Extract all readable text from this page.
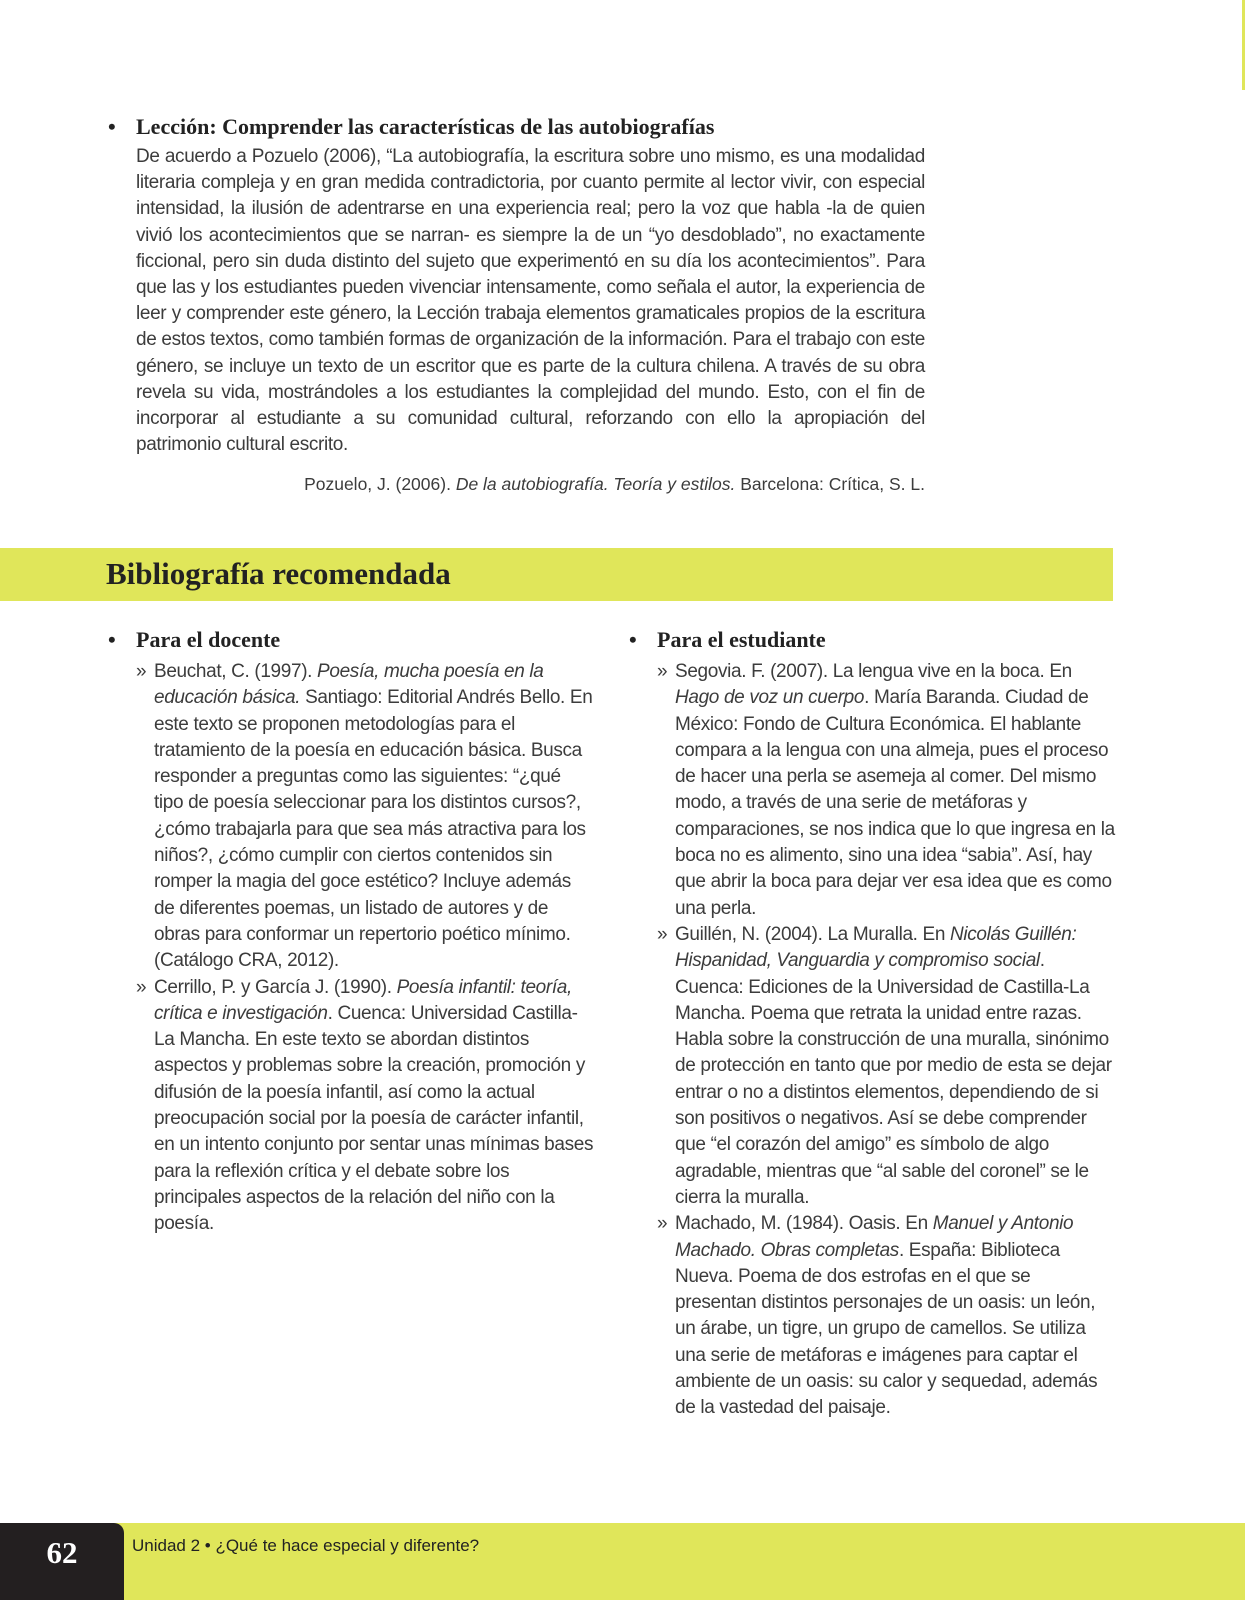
• Lección: Comprender las características de las autobiografías

De acuerdo a Pozuelo (2006), “La autobiografía, la escritura sobre uno mismo, es una modalidad literaria compleja y en gran medida contradictoria, por cuanto permite al lector vivir, con especial intensidad, la ilusión de adentrarse en una experiencia real; pero la voz que habla -la de quien vivió los acontecimientos que se narran- es siempre la de un “yo desdoblado”, no exactamente ficcional, pero sin duda distinto del sujeto que experimentó en su día los acontecimientos”. Para que las y los estudiantes pueden vivenciar intensamente, como señala el autor, la experiencia de leer y comprender este género, la Lección trabaja elementos gramaticales propios de la escritura de estos textos, como también formas de organización de la información. Para el trabajo con este género, se incluye un texto de un escritor que es parte de la cultura chilena. A través de su obra revela su vida, mostrándoles a los estudiantes la complejidad del mundo. Esto, con el fin de incorporar al estudiante a su comunidad cultural, reforzando con ello la apropiación del patrimonio cultural escrito.

Pozuelo, J. (2006). De la autobiografía. Teoría y estilos. Barcelona: Crítica, S. L.

Bibliografía recomendada
• Para el docente
» Beuchat, C. (1997). Poesía, mucha poesía en la educación básica. Santiago: Editorial Andrés Bello. En este texto se proponen metodologías para el tratamiento de la poesía en educación básica. Busca responder a preguntas como las siguientes: “¿qué tipo de poesía seleccionar para los distintos cursos?, ¿cómo trabajarla para que sea más atractiva para los niños?, ¿cómo cumplir con ciertos contenidos sin romper la magia del goce estético? Incluye además de diferentes poemas, un listado de autores y de obras para conformar un repertorio poético mínimo. (Catálogo CRA, 2012).
» Cerrillo, P. y García J. (1990). Poesía infantil: teoría, crítica e investigación. Cuenca: Universidad Castilla-La Mancha. En este texto se abordan distintos aspectos y problemas sobre la creación, promoción y difusión de la poesía infantil, así como la actual preocupación social por la poesía de carácter infantil, en un intento conjunto por sentar unas mínimas bases para la reflexión crítica y el debate sobre los principales aspectos de la relación del niño con la poesía.
• Para el estudiante
» Segovia. F. (2007). La lengua vive en la boca. En Hago de voz un cuerpo. María Baranda. Ciudad de México: Fondo de Cultura Económica. El hablante compara a la lengua con una almeja, pues el proceso de hacer una perla se asemeja al comer. Del mismo modo, a través de una serie de metáforas y comparaciones, se nos indica que lo que ingresa en la boca no es alimento, sino una idea “sabia”. Así, hay que abrir la boca para dejar ver esa idea que es como una perla.
» Guillén, N. (2004). La Muralla. En Nicolás Guillén: Hispanidad, Vanguardia y compromiso social. Cuenca: Ediciones de la Universidad de Castilla-La Mancha. Poema que retrata la unidad entre razas. Habla sobre la construcción de una muralla, sinónimo de protección en tanto que por medio de esta se dejar entrar o no a distintos elementos, dependiendo de si son positivos o negativos. Así se debe comprender que “el corazón del amigo” es símbolo de algo agradable, mientras que “al sable del coronel” se le cierra la muralla.
» Machado, M. (1984). Oasis. En Manuel y Antonio Machado. Obras completas. España: Biblioteca Nueva. Poema de dos estrofas en el que se presentan distintos personajes de un oasis: un león, un árabe, un tigre, un grupo de camellos. Se utiliza una serie de metáforas e imágenes para captar el ambiente de un oasis: su calor y sequedad, además de la vastedad del paisaje.
62	Unidad 2 • ¿Qué te hace especial y diferente?
